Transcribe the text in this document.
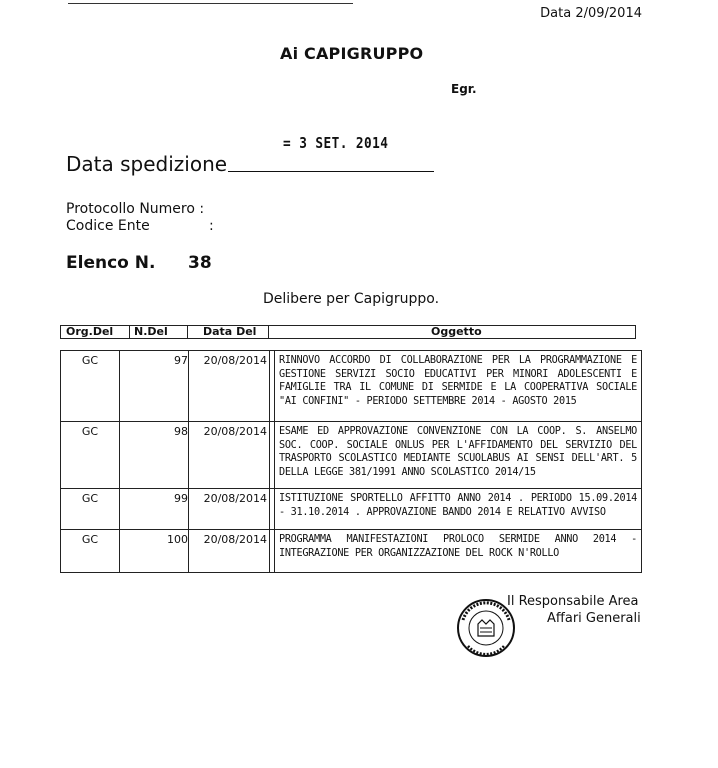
Data 2/09/2014
Ai CAPIGRUPPO
Egr.
= 3 SET. 2014
Data spedizione
Protocollo Numero :
Codice Ente	:
Elenco N. 38
Delibere per Capigruppo.
Org.Del N.Del	Data Del	Oggetto
GC	97	20/08/2014 RINNOVO ACCORDO DI COLLABORAZIONE PER LA PROGRAMMAZIONE E GESTIONE SERVIZI SOCIO EDUCATIVI PER MINORI ADOLESCENTI E FAMIGLIE TRA IL COMUNE DI SERMIDE E LA COOPERATIVA SOCIALE "AI CONFINI" - PERIODO SETTEMBRE 2014 - AGOSTO 2015
GC	98	20/08/2014 ESAME ED APPROVAZIONE CONVENZIONE CON LA COOP. S. ANSELMO SOC. COOP. SOCIALE ONLUS PER L'AFFIDAMENTO DEL SERVIZIO DEL TRASPORTO SCOLASTICO MEDIANTE SCUOLABUS AI SENSI DELL'ART. 5 DELLA LEGGE 381/1991 ANNO SCOLASTICO 2014/15
GC	99	20/08/2014 ISTITUZIONE SPORTELLO AFFITTO ANNO 2014 . PERIODO 15.09.2014 - 31.10.2014 . APPROVAZIONE BANDO 2014 E RELATIVO AVVISO
GC	100	20/08/2014 PROGRAMMA MANIFESTAZIONI PROLOCO SERMIDE ANNO 2014 - INTEGRAZIONE PER ORGANIZZAZIONE DEL ROCK N'ROLLO
Il Responsabile Area
Affari Generali
